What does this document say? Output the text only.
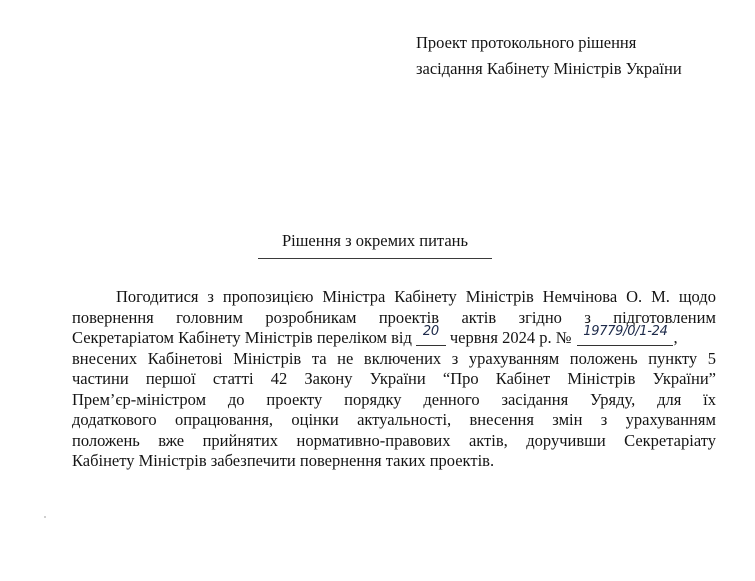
Проект протокольного рішення
засідання Кабінету Міністрів України
Рішення з окремих питань
Погодитися з пропозицією Міністра Кабінету Міністрів Немчінова О. М. щодо
повернення головним розробникам проектів актів згідно з підготовленим
Секретаріатом Кабінету Міністрів переліком від 20 червня 2024 р. № 19779/0/1-24 ,
внесених Кабінетові Міністрів та не включених з урахуванням положень пункту 5
частини першої статті 42 Закону України “Про Кабінет Міністрів України”
Прем’єр-міністром до проекту порядку денного засідання Уряду, для їх
додаткового опрацювання, оцінки актуальності, внесення змін з урахуванням
положень вже прийнятих нормативно-правових актів, доручивши Секретаріату
Кабінету Міністрів забезпечити повернення таких проектів.
